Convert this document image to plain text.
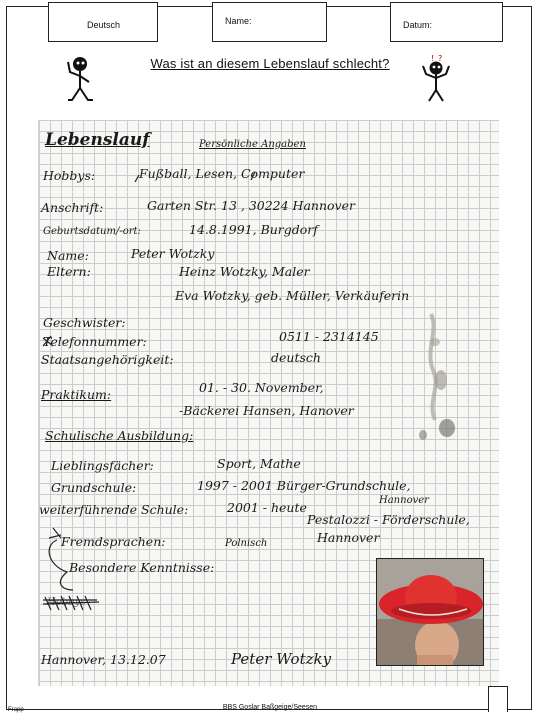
Deutsch	Name:	Datum:
Was ist an diesem Lebenslauf schlecht?	! ?
Lebenslauf	Persönliche Angaben
Hobbys:	Fußball, Lesen, Computer
Anschrift:	Garten Str. 13 , 30224 Hannover
Geburtsdatum/-ort:	14.8.1991, Burgdorf
Name:	Peter Wotzky
Eltern:	Heinz Wotzky, Maler
Eva Wotzky, geb. Müller, Verkäuferin
Geschwister:
Telefonnummer:	0511 - 2314145
Staatsangehörigkeit:	deutsch
Praktikum:	01. - 30. November,
-Bäckerei Hansen, Hanover
Schulische Ausbildung:
Lieblingsfächer:	Sport, Mathe
Grundschule:	1997 - 2001 Bürger-Grundschule,
Hannover
weiterführende Schule:	2001 - heute
Pestalozzi - Förderschule,
Hannover
Fremdsprachen:	Polnisch
Besondere Kenntnisse:
Hobbys
Hannover, 13.12.07	Peter Wotzky
Frapp	BBS Goslar Baßgeige/Seesen
